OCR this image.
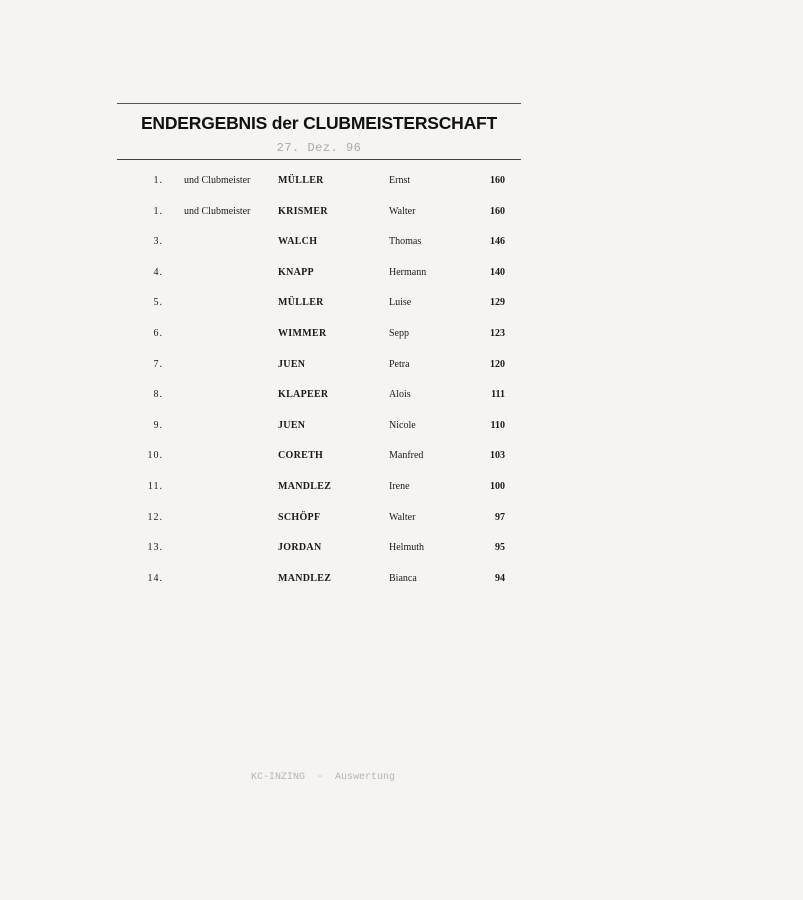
ENDERGEBNIS der CLUBMEISTERSCHAFT
27. Dez. 96
1. und Clubmeister	MÜLLER	Ernst	160
1. und Clubmeister	KRISMER	Walter	160
3.	WALCH	Thomas	146
4.	KNAPP	Hermann	140
5.	MÜLLER	Luise	129
6.	WIMMER	Sepp	123
7.	JUEN	Petra	120
8.	KLAPEER	Alois	111
9.	JUEN	Nicole	110
10.	CORETH	Manfred	103
11.	MANDLEZ	Irene	100
12.	SCHÖPF	Walter	97
13.	JORDAN	Helmuth	95
14.	MANDLEZ	Bianca	94
KC-INZING  -  Auswertung
